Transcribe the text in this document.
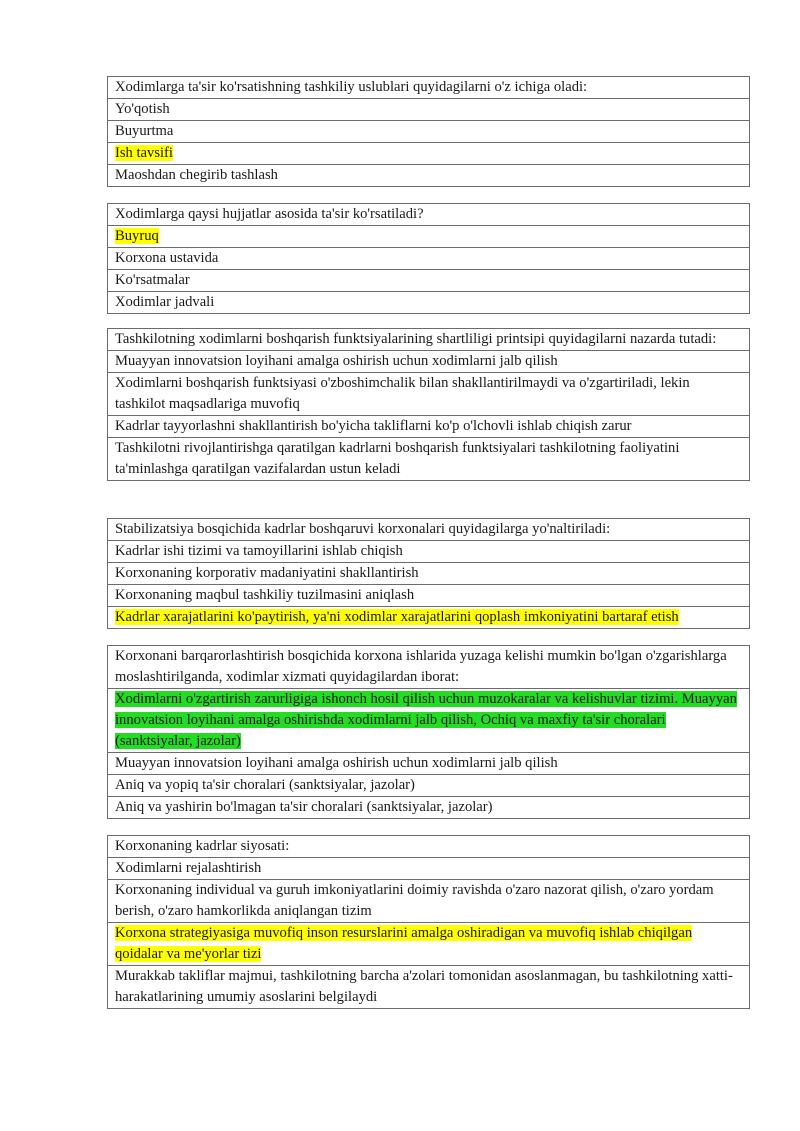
Xodimlarga ta'sir ko'rsatishning tashkiliy uslublari quyidagilarni o'z ichiga oladi:
Yo'qotish
Buyurtma
Ish tavsifi
Maoshdan chegirib tashlash
Xodimlarga qaysi hujjatlar asosida ta'sir ko'rsatiladi?
Buyruq
Korxona ustavida
Ko'rsatmalar
Xodimlar jadvali
Tashkilotning xodimlarni boshqarish funktsiyalarining shartliligi printsipi quyidagilarni nazarda tutadi:
Muayyan innovatsion loyihani amalga oshirish uchun xodimlarni jalb qilish
Xodimlarni boshqarish funktsiyasi o'zboshimchalik bilan shakllantirilmaydi va o'zgartiriladi, lekin tashkilot maqsadlariga muvofiq
Kadrlar tayyorlashni shakllantirish bo'yicha takliflarni ko'p o'lchovli ishlab chiqish zarur
Tashkilotni rivojlantirishga qaratilgan kadrlarni boshqarish funktsiyalari tashkilotning faoliyatini ta'minlashga qaratilgan vazifalardan ustun keladi
Stabilizatsiya bosqichida kadrlar boshqaruvi korxonalari quyidagilarga yo'naltiriladi:
Kadrlar ishi tizimi va tamoyillarini ishlab chiqish
Korxonaning korporativ madaniyatini shakllantirish
Korxonaning maqbul tashkiliy tuzilmasini aniqlash
Kadrlar xarajatlarini ko'paytirish, ya'ni xodimlar xarajatlarini qoplash imkoniyatini bartaraf etish
Korxonani barqarorlashtirish bosqichida korxona ishlarida yuzaga kelishi mumkin bo'lgan o'zgarishlarga moslashtirilganda, xodimlar xizmati quyidagilardan iborat:
Xodimlarni o'zgartirish zarurligiga ishonch hosil qilish uchun muzokaralar va kelishuvlar tizimi. Muayyan innovatsion loyihani amalga oshirishda xodimlarni jalb qilish, Ochiq va maxfiy ta'sir choralari (sanktsiyalar, jazolar)
Muayyan innovatsion loyihani amalga oshirish uchun xodimlarni jalb qilish
Aniq va yopiq ta'sir choralari (sanktsiyalar, jazolar)
Aniq va yashirin bo'lmagan ta'sir choralari (sanktsiyalar, jazolar)
Korxonaning kadrlar siyosati:
Xodimlarni rejalashtirish
Korxonaning individual va guruh imkoniyatlarini doimiy ravishda o'zaro nazorat qilish, o'zaro yordam berish, o'zaro hamkorlikda aniqlangan tizim
Korxona strategiyasiga muvofiq inson resurslarini amalga oshiradigan va muvofiq ishlab chiqilgan qoidalar va me'yorlar tizi
Murakkab takliflar majmui, tashkilotning barcha a'zolari tomonidan asoslanmagan, bu tashkilotning xatti-harakatlarining umumiy asoslarini belgilaydi
